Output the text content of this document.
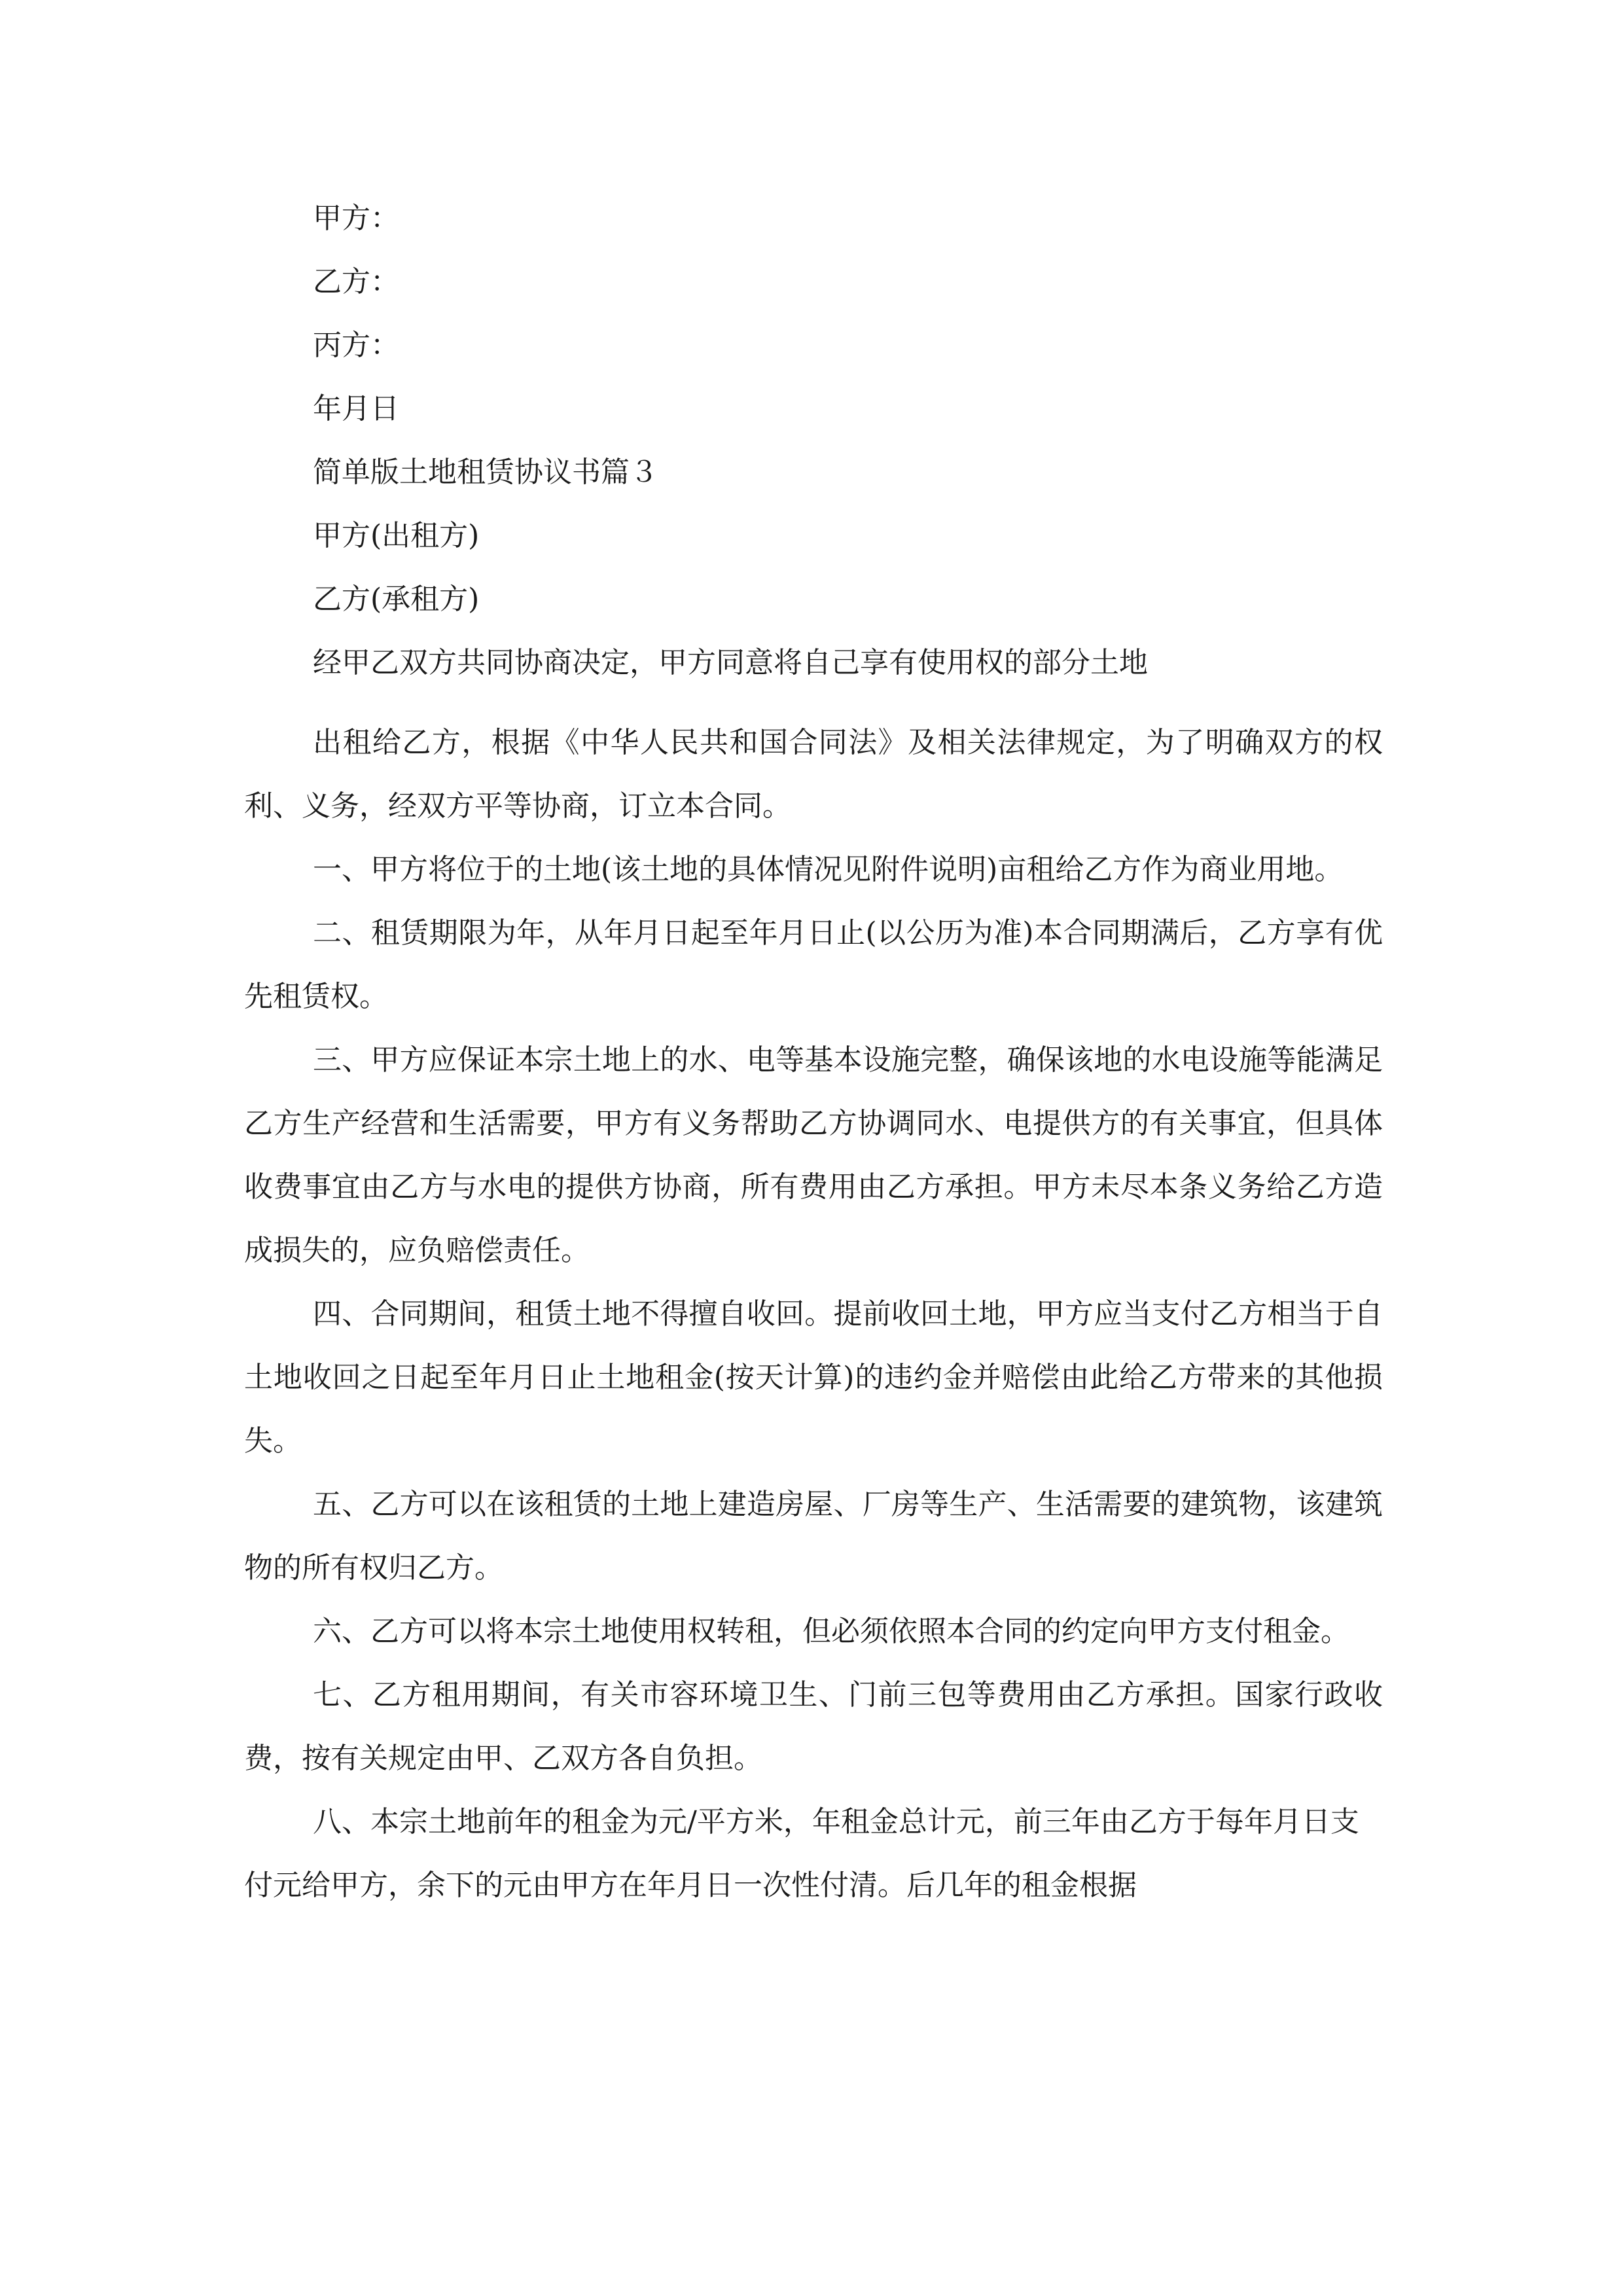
甲方：
乙方：
丙方：
年月日
简单版土地租赁协议书篇３
甲方(出租方)
乙方(承租方)
经甲乙双方共同协商决定，甲方同意将自己享有使用权的部分土地

出租给乙方，根据《中华人民共和国合同法》及相关法律规定，为了明确双方的权利、义务，经双方平等协商，订立本合同。

一、甲方将位于的土地(该土地的具体情况见附件说明)亩租给乙方作为商业用地。

二、租赁期限为年，从年月日起至年月日止(以公历为准)本合同期满后，乙方享有优先租赁权。

三、甲方应保证本宗土地上的水、电等基本设施完整，确保该地的水电设施等能满足乙方生产经营和生活需要，甲方有义务帮助乙方协调同水、电提供方的有关事宜，但具体收费事宜由乙方与水电的提供方协商，所有费用由乙方承担。甲方未尽本条义务给乙方造成损失的，应负赔偿责任。

四、合同期间，租赁土地不得擅自收回。提前收回土地，甲方应当支付乙方相当于自土地收回之日起至年月日止土地租金(按天计算)的违约金并赔偿由此给乙方带来的其他损失。

五、乙方可以在该租赁的土地上建造房屋、厂房等生产、生活需要的建筑物，该建筑物的所有权归乙方。

六、乙方可以将本宗土地使用权转租，但必须依照本合同的约定向甲方支付租金。

七、乙方租用期间，有关市容环境卫生、门前三包等费用由乙方承担。国家行政收费，按有关规定由甲、乙双方各自负担。

八、本宗土地前年的租金为元/平方米，年租金总计元，前三年由乙方于每年月日支付元给甲方，余下的元由甲方在年月日一次性付清。后几年的租金根据
